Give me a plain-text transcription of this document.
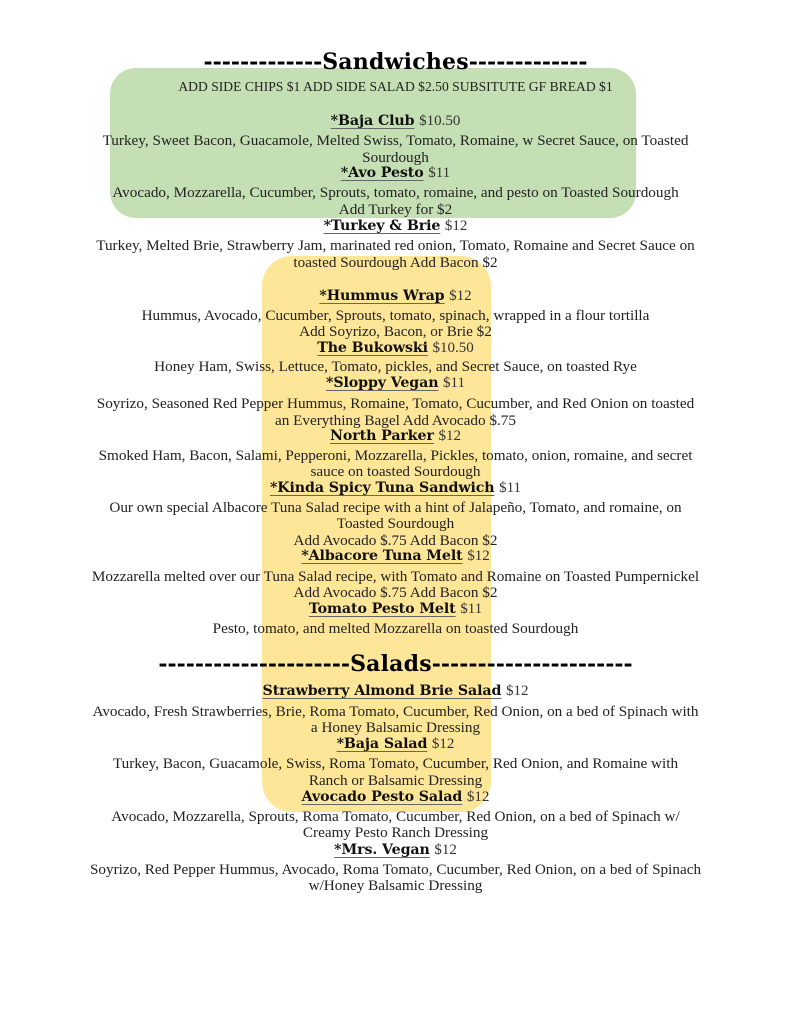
-------------Sandwiches-------------
ADD SIDE CHIPS $1 ADD SIDE SALAD $2.50 SUBSITUTE GF BREAD $1
*Baja Club $10.50
Turkey, Sweet Bacon, Guacamole, Melted Swiss, Tomato, Romaine, w Secret Sauce, on Toasted
Sourdough
*Avo Pesto $11
Avocado, Mozzarella, Cucumber, Sprouts, tomato, romaine, and pesto on Toasted Sourdough
Add Turkey for $2
*Turkey & Brie $12
Turkey, Melted Brie, Strawberry Jam, marinated red onion, Tomato, Romaine and Secret Sauce on
toasted Sourdough Add Bacon $2
*Hummus Wrap $12
Hummus, Avocado, Cucumber, Sprouts, tomato, spinach, wrapped in a flour tortilla
Add Soyrizo, Bacon, or Brie $2
The Bukowski $10.50
Honey Ham, Swiss, Lettuce, Tomato, pickles, and Secret Sauce, on toasted Rye
*Sloppy Vegan $11
Soyrizo, Seasoned Red Pepper Hummus, Romaine, Tomato, Cucumber, and Red Onion on toasted
an Everything Bagel Add Avocado $.75
North Parker $12
Smoked Ham, Bacon, Salami, Pepperoni, Mozzarella, Pickles, tomato, onion, romaine, and secret
sauce on toasted Sourdough
*Kinda Spicy Tuna Sandwich $11
Our own special Albacore Tuna Salad recipe with a hint of Jalapeño, Tomato, and romaine, on
Toasted Sourdough
Add Avocado $.75 Add Bacon $2
*Albacore Tuna Melt $12
Mozzarella melted over our Tuna Salad recipe, with Tomato and Romaine on Toasted Pumpernickel
Add Avocado $.75 Add Bacon $2
Tomato Pesto Melt $11
Pesto, tomato, and melted Mozzarella on toasted Sourdough
---------------------Salads----------------------
Strawberry Almond Brie Salad $12
Avocado, Fresh Strawberries, Brie, Roma Tomato, Cucumber, Red Onion, on a bed of Spinach with
a Honey Balsamic Dressing
*Baja Salad $12
Turkey, Bacon, Guacamole, Swiss, Roma Tomato, Cucumber, Red Onion, and Romaine with
Ranch or Balsamic Dressing
Avocado Pesto Salad $12
Avocado, Mozzarella, Sprouts, Roma Tomato, Cucumber, Red Onion, on a bed of Spinach w/
Creamy Pesto Ranch Dressing
*Mrs. Vegan $12
Soyrizo, Red Pepper Hummus, Avocado, Roma Tomato, Cucumber, Red Onion, on a bed of Spinach
w/Honey Balsamic Dressing
